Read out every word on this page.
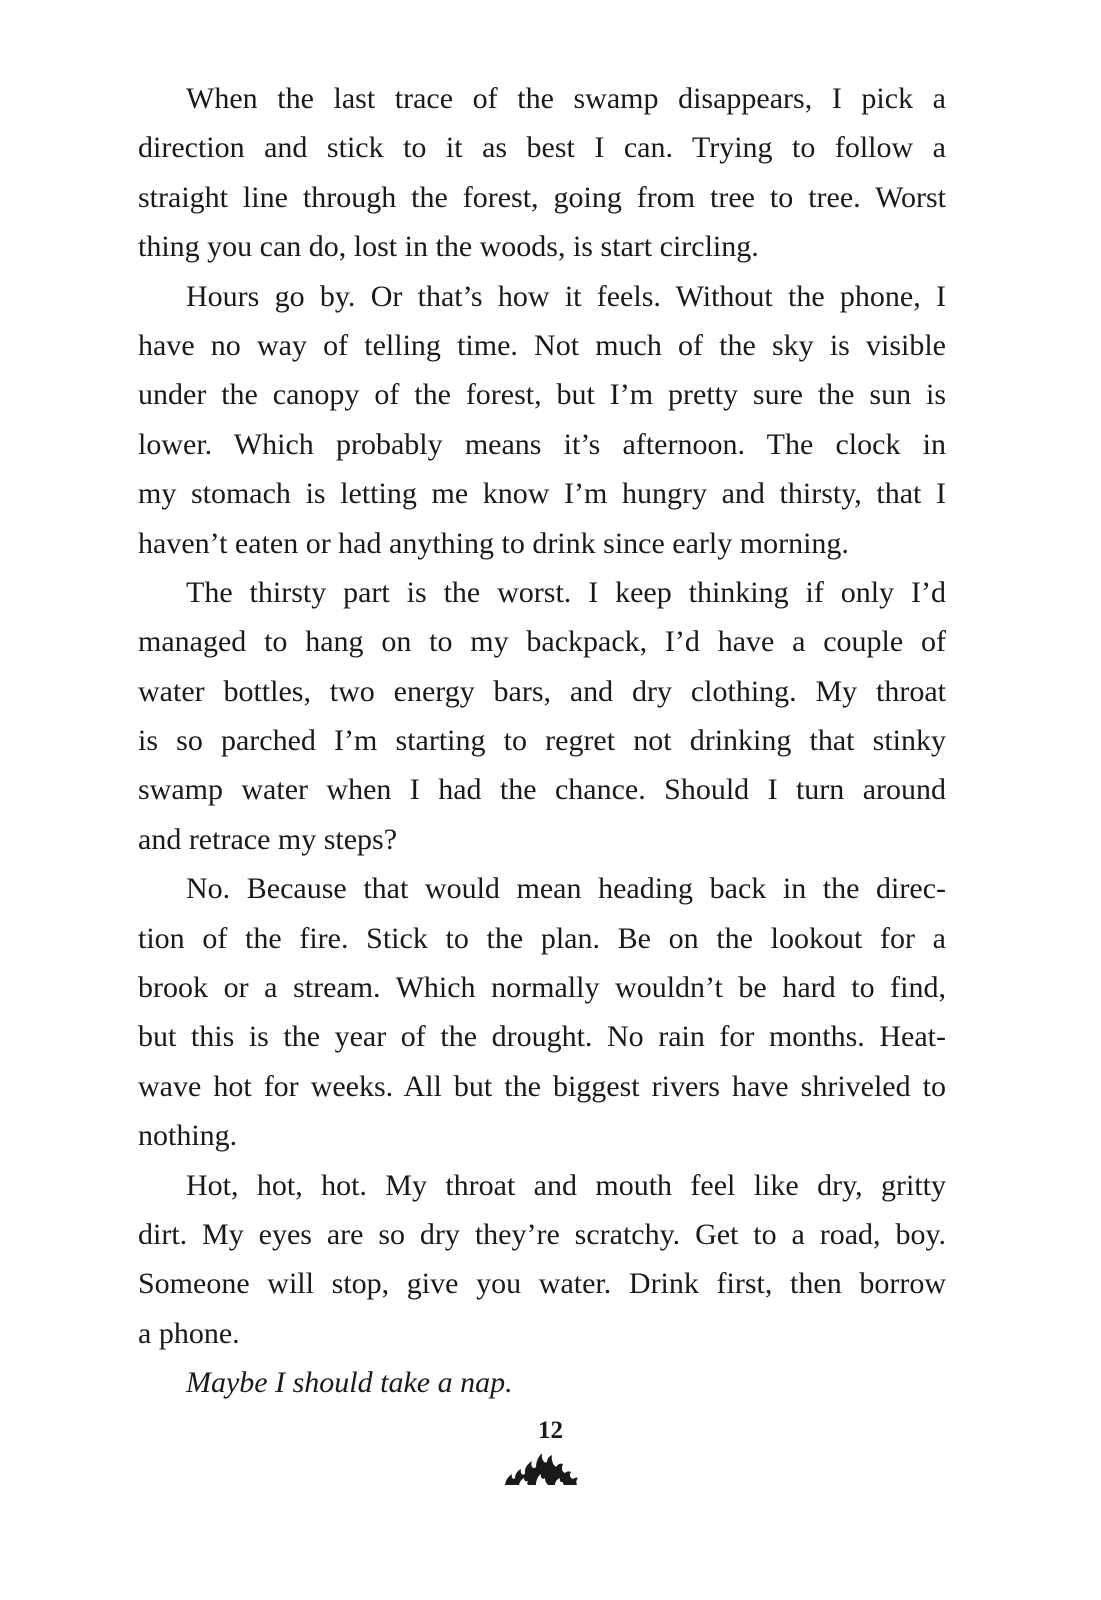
When the last trace of the swamp disappears, I pick a
direction and stick to it as best I can. Trying to follow a
straight line through the forest, going from tree to tree. Worst
thing you can do, lost in the woods, is start circling.
Hours go by. Or that’s how it feels. Without the phone, I
have no way of telling time. Not much of the sky is visible
under the canopy of the forest, but I’m pretty sure the sun is
lower. Which probably means it’s afternoon. The clock in
my stomach is letting me know I’m hungry and thirsty, that I
haven’t eaten or had anything to drink since early morning.
The thirsty part is the worst. I keep thinking if only I’d
managed to hang on to my backpack, I’d have a couple of
water bottles, two energy bars, and dry clothing. My throat
is so parched I’m starting to regret not drinking that stinky
swamp water when I had the chance. Should I turn around
and retrace my steps?
No. Because that would mean heading back in the direc-
tion of the fire. Stick to the plan. Be on the lookout for a
brook or a stream. Which normally wouldn’t be hard to find,
but this is the year of the drought. No rain for months. Heat-
wave hot for weeks. All but the biggest rivers have shriveled to
nothing.
Hot, hot, hot. My throat and mouth feel like dry, gritty
dirt. My eyes are so dry they’re scratchy. Get to a road, boy.
Someone will stop, give you water. Drink first, then borrow
a phone.
Maybe I should take a nap.
12
